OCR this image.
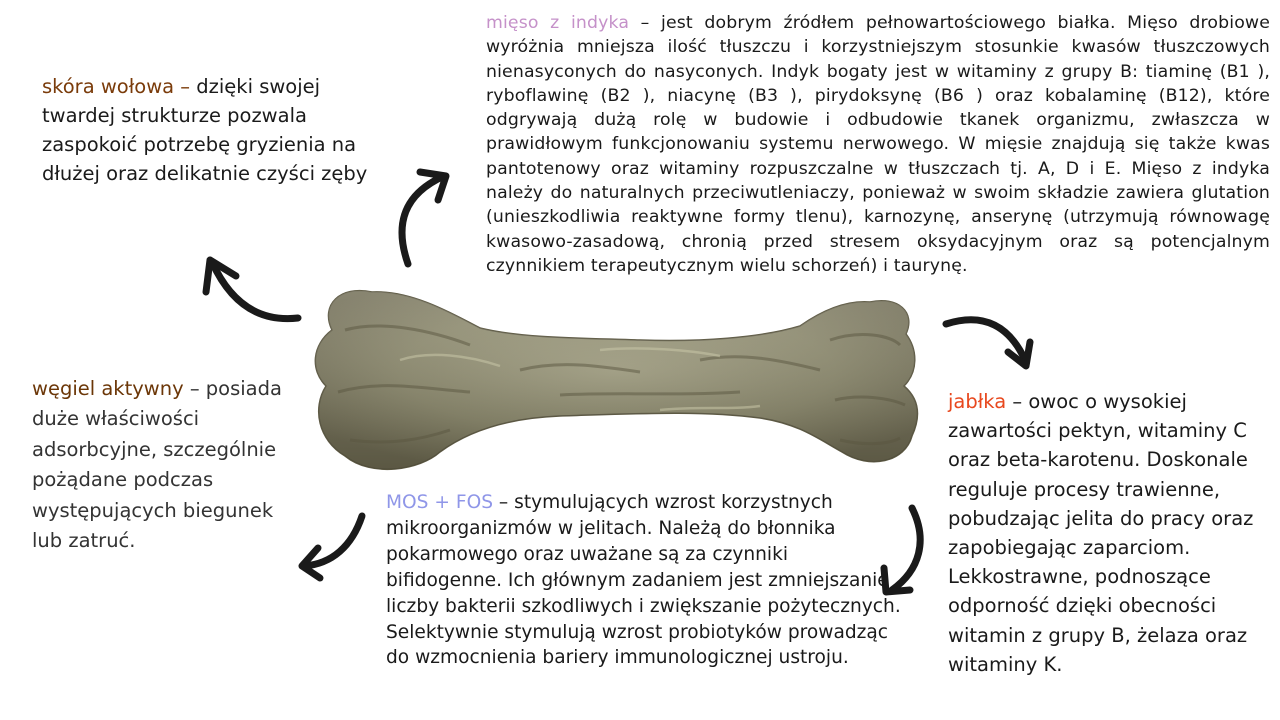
mięso z indyka – jest dobrym źródłem pełnowartościowego białka. Mięso drobiowe wyróżnia mniejsza ilość tłuszczu i korzystniejszym stosunkie kwasów tłuszczowych nienasyconych do nasyconych. Indyk bogaty jest w witaminy z grupy B: tiaminę (B1 ), ryboflawinę (B2 ), niacynę (B3 ), pirydoksynę (B6 ) oraz kobalaminę (B12), które odgrywają dużą rolę w budowie i odbudowie tkanek organizmu, zwłaszcza w prawidłowym funkcjonowaniu systemu nerwowego. W mięsie znajdują się także kwas pantotenowy oraz witaminy rozpuszczalne w tłuszczach tj. A, D i E. Mięso z indyka należy do naturalnych przeciwutleniaczy, ponieważ w swoim składzie zawiera glutation (unieszkodliwia reaktywne formy tlenu), karnozynę, anserynę (utrzymują równowagę kwasowo-zasadową, chronią przed stresem oksydacyjnym oraz są potencjalnym czynnikiem terapeutycznym wielu schorzeń) i taurynę.

skóra wołowa – dzięki swojej twardej strukturze pozwala zaspokoić potrzebę gryzienia na dłużej oraz delikatnie czyści zęby

węgiel aktywny – posiada duże właściwości adsorbcyjne, szczególnie pożądane podczas występujących biegunek lub zatruć.

MOS + FOS – stymulujących wzrost korzystnych mikroorganizmów w jelitach. Należą do błonnika pokarmowego oraz uważane są za czynniki bifidogenne. Ich głównym zadaniem jest zmniejszanie liczby bakterii szkodliwych i zwiększanie pożytecznych. Selektywnie stymulują wzrost probiotyków prowadząc do wzmocnienia bariery immunologicznej ustroju.

jabłka – owoc o wysokiej zawartości pektyn, witaminy C oraz beta-karotenu. Doskonale reguluje procesy trawienne, pobudzając jelita do pracy oraz zapobiegając zaparciom. Lekkostrawne, podnoszące odporność dzięki obecności witamin z grupy B, żelaza oraz witaminy K.
